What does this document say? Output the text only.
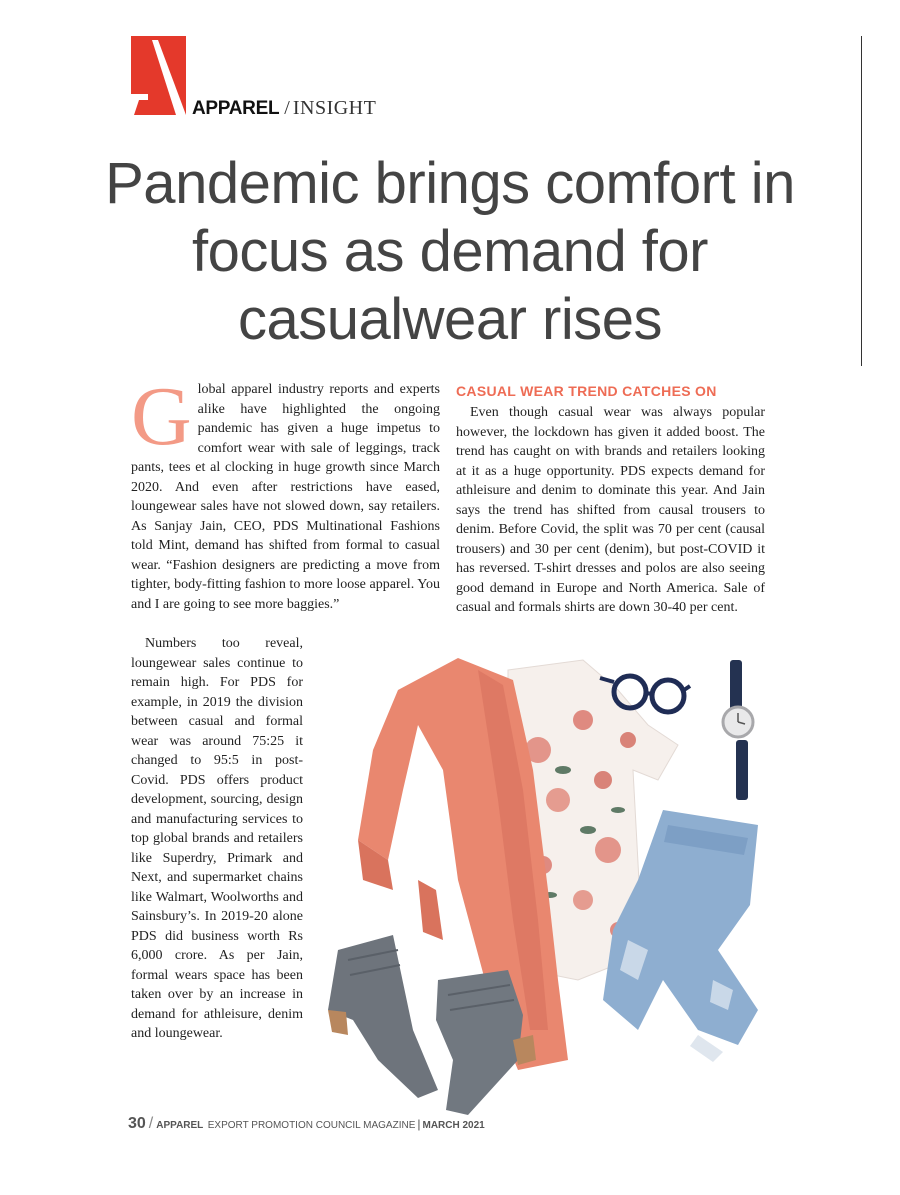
APPAREL / INSIGHT
Pandemic brings comfort in focus as demand for casualwear rises

Global apparel industry reports and experts alike have highlighted the ongoing pandemic has given a huge impetus to comfort wear with sale of leggings, track pants, tees et al clocking in huge growth since March 2020. And even after restrictions have eased, loungewear sales have not slowed down, say retailers. As Sanjay Jain, CEO, PDS Multinational Fashions told Mint, demand has shifted from formal to casual wear. “Fashion designers are predicting a move from tighter, body-fitting fashion to more loose apparel. You and I are going to see more baggies.”

Numbers too reveal, loungewear sales continue to remain high. For PDS for example, in 2019 the division between casual and formal wear was around 75:25 it changed to 95:5 in post-Covid. PDS offers product development, sourcing, design and manufacturing services to top global brands and retailers like Superdry, Primark and Next, and supermarket chains like Walmart, Woolworths and Sainsbury’s. In 2019-20 alone PDS did business worth Rs 6,000 crore. As per Jain, formal wears space has been taken over by an increase in demand for athleisure, denim and loungewear.

CASUAL WEAR TREND CATCHES ON

Even though casual wear was always popular however, the lockdown has given it added boost. The trend has caught on with brands and retailers looking at it as a huge opportunity. PDS expects demand for athleisure and denim to dominate this year. And Jain says the trend has shifted from causal trousers to denim. Before Covid, the split was 70 per cent (causal trousers) and 30 per cent (denim), but post-COVID it has reversed. T-shirt dresses and polos are also seeing good demand in Europe and North America. Sale of casual and formals shirts are down 30-40 per cent.

30 / APPAREL EXPORT PROMOTION COUNCIL MAGAZINE | MARCH 2021
